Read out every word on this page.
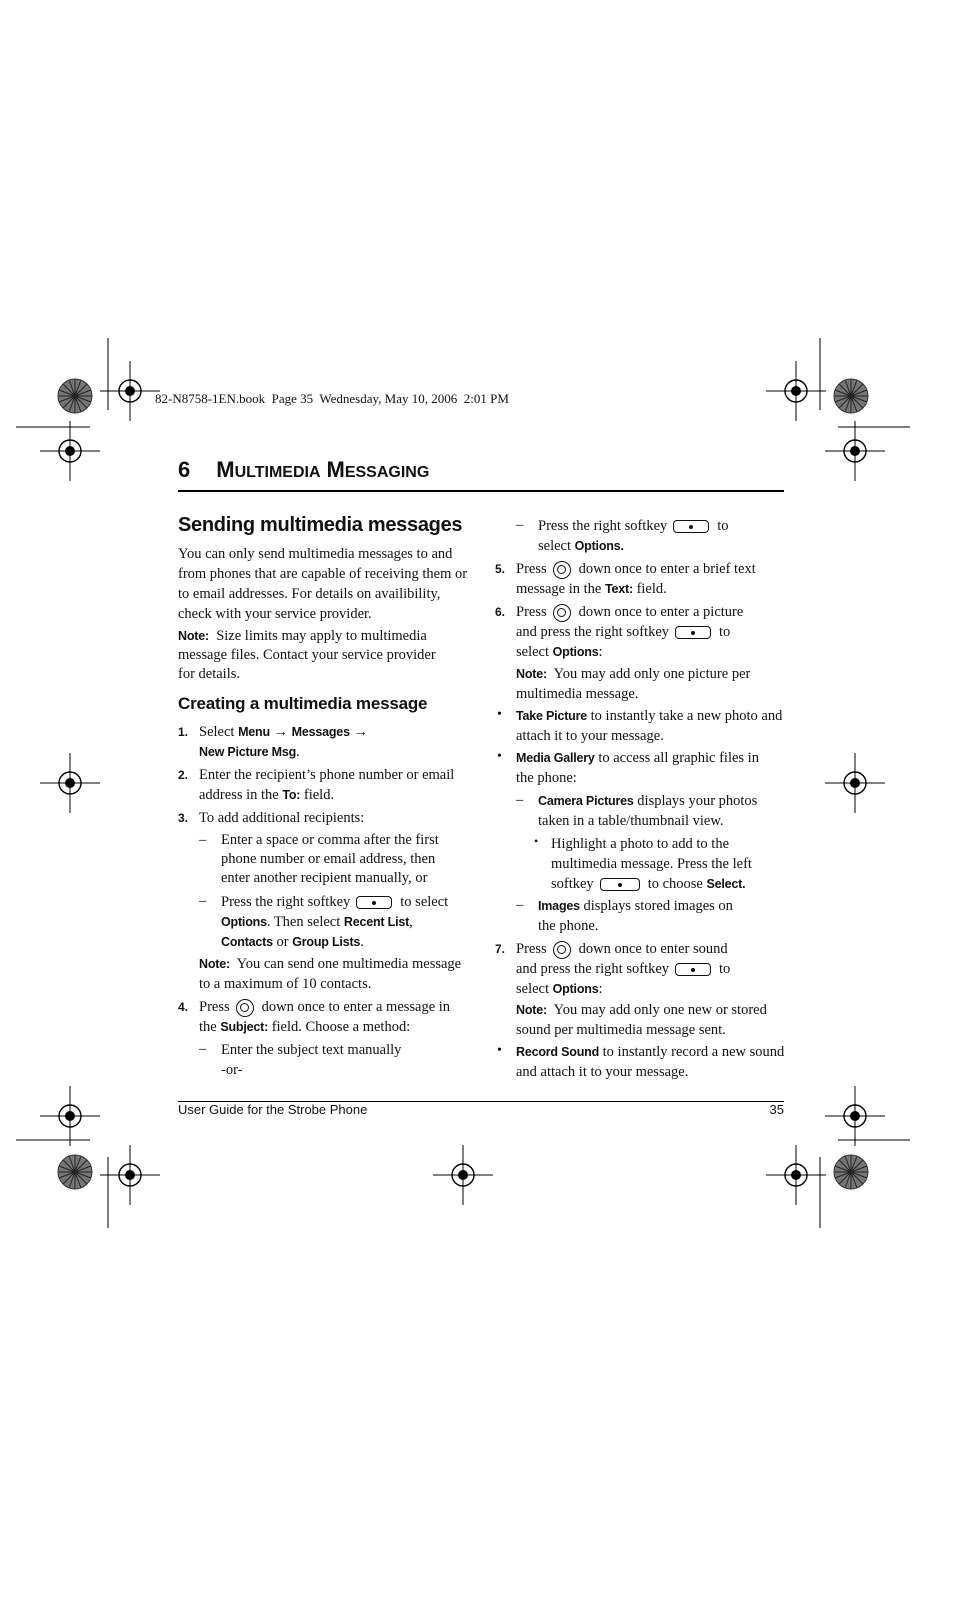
82-N8758-1EN.book  Page 35  Wednesday, May 10, 2006  2:01 PM
6 MULTIMEDIA MESSAGING
Sending multimedia messages
You can only send multimedia messages to and
from phones that are capable of receiving them or
to email addresses. For details on availibility,
check with your service provider.
Note: Size limits may apply to multimedia
message files. Contact your service provider
for details.
Creating a multimedia message
1. Select Menu → Messages →
New Picture Msg.
2. Enter the recipient’s phone number or email
address in the To: field.
3. To add additional recipients:
– Enter a space or comma after the first
phone number or email address, then
enter another recipient manually, or
– Press the right softkey	to select
Options. Then select Recent List,
Contacts or Group Lists.
Note: You can send one multimedia message
to a maximum of 10 contacts.
4. Press down once to enter a message in
the Subject: field. Choose a method:
– Enter the subject text manually
-or-
– Press the right softkey	to
select Options.
5. Press down once to enter a brief text
message in the Text: field.
6. Press down once to enter a picture
and press the right softkey	to
select Options:
Note: You may add only one picture per
multimedia message.
• Take Picture to instantly take a new photo and
attach it to your message.
• Media Gallery to access all graphic files in
the phone:
– Camera Pictures displays your photos
taken in a table/thumbnail view.
• Highlight a photo to add to the
multimedia message. Press the left
softkey	to choose Select.
– Images displays stored images on
the phone.
7. Press down once to enter sound
and press the right softkey	to
select Options:
Note: You may add only one new or stored
sound per multimedia message sent.
• Record Sound to instantly record a new sound
and attach it to your message.
User Guide for the Strobe Phone	35
